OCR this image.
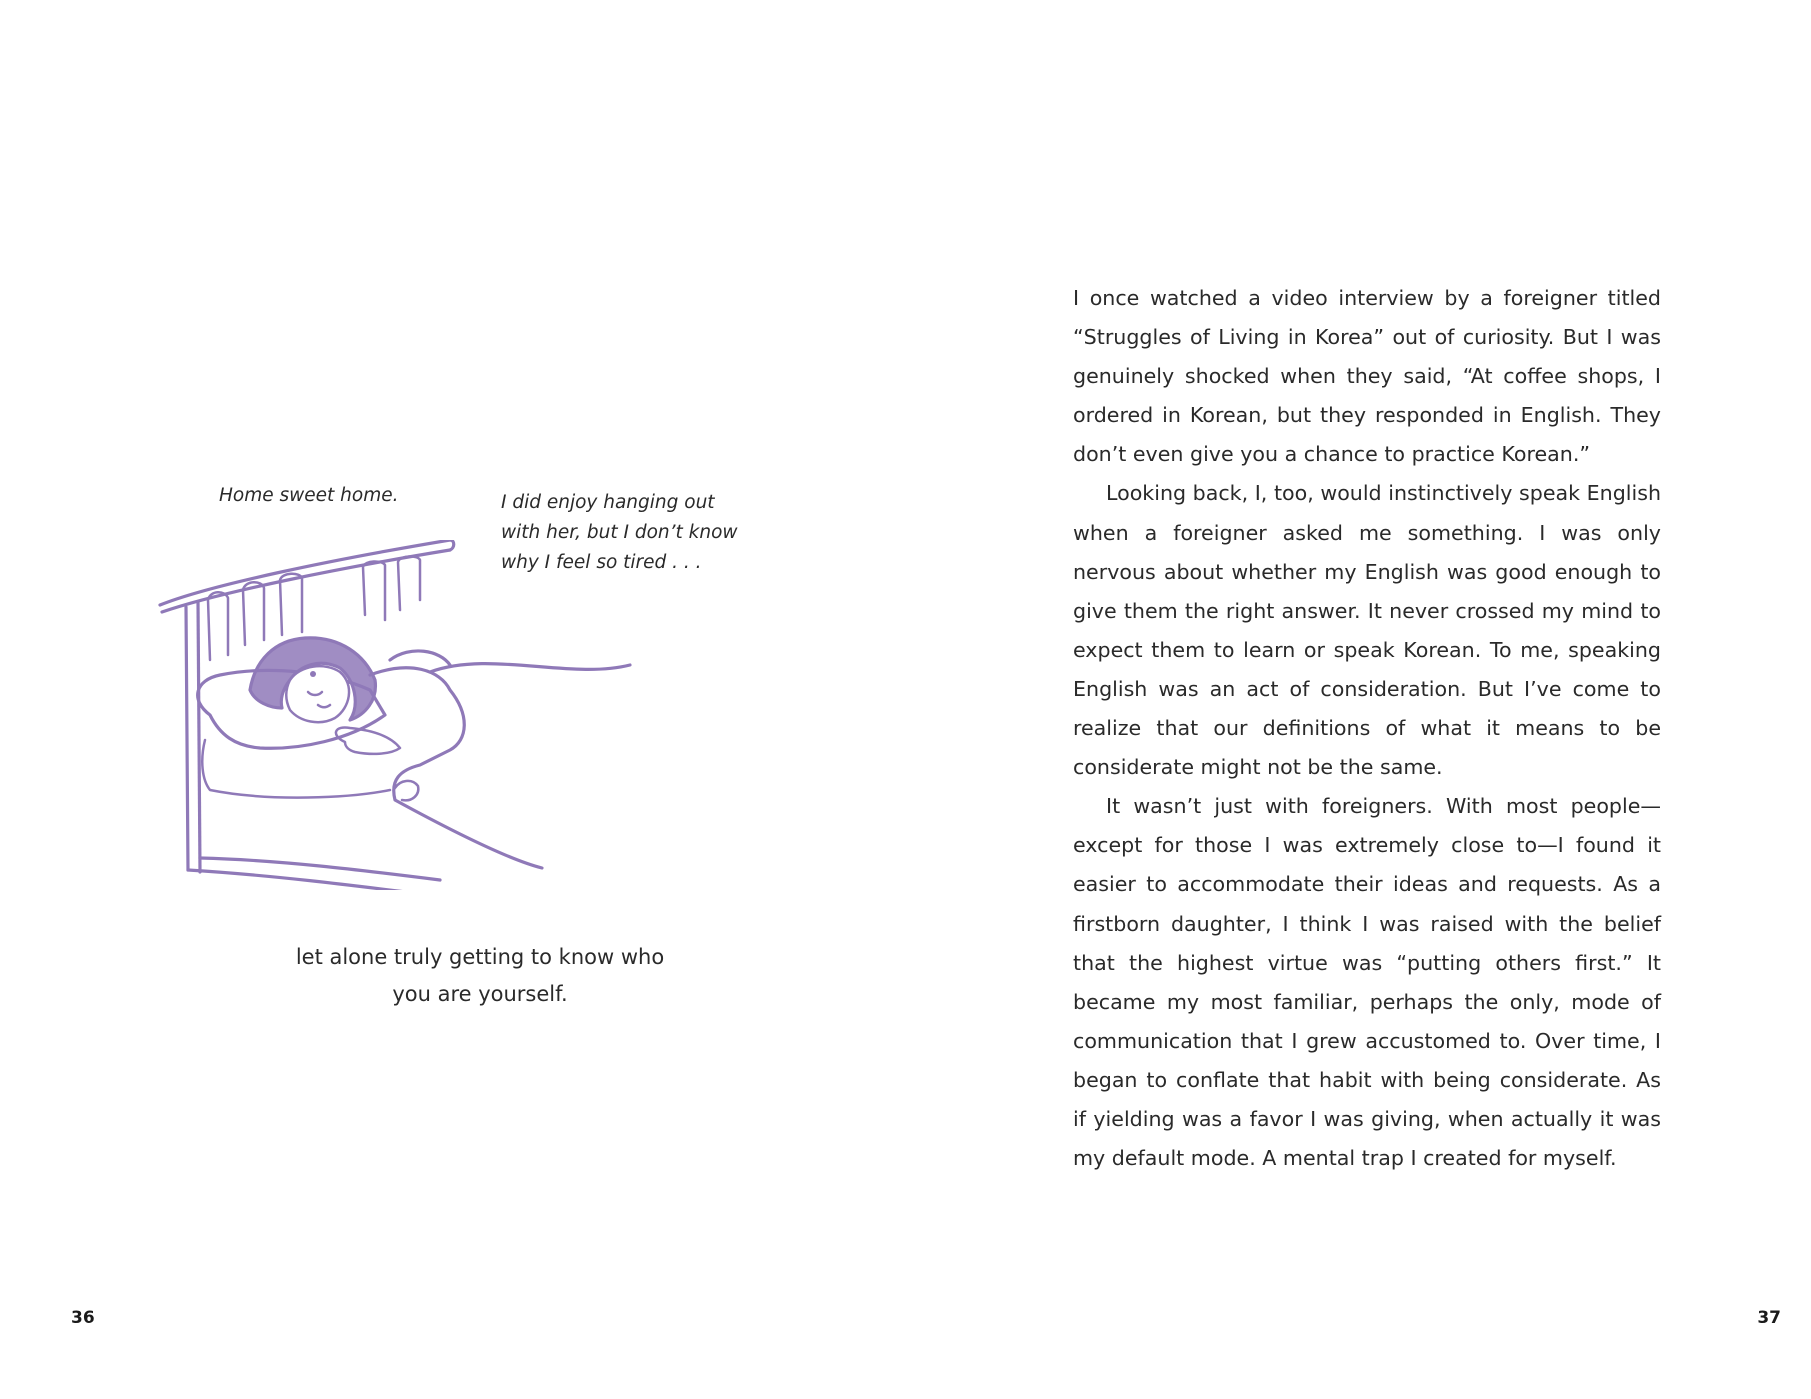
Home sweet home.	I did enjoy hanging out
with her, but I don’t know
why I feel so tired . . .

let alone truly getting to know who
you are yourself.

36

I once watched a video interview by a foreigner titled “Struggles of Living in Korea” out of curiosity. But I was genuinely shocked when they said, “At coffee shops, I ordered in Korean, but they responded in English. They don’t even give you a chance to practice Korean.”

Looking back, I, too, would instinctively speak English when a foreigner asked me something. I was only nervous about whether my English was good enough to give them the right answer. It never crossed my mind to expect them to learn or speak Korean. To me, speaking English was an act of consideration. But I’ve come to realize that our definitions of what it means to be considerate might not be the same.

It wasn’t just with foreigners. With most people—except for those I was extremely close to—I found it easier to accommodate their ideas and requests. As a firstborn daughter, I think I was raised with the belief that the highest virtue was “putting others first.” It became my most familiar, perhaps the only, mode of communication that I grew accustomed to. Over time, I began to conflate that habit with being considerate. As if yielding was a favor I was giving, when actually it was my default mode. A mental trap I created for myself.

37
